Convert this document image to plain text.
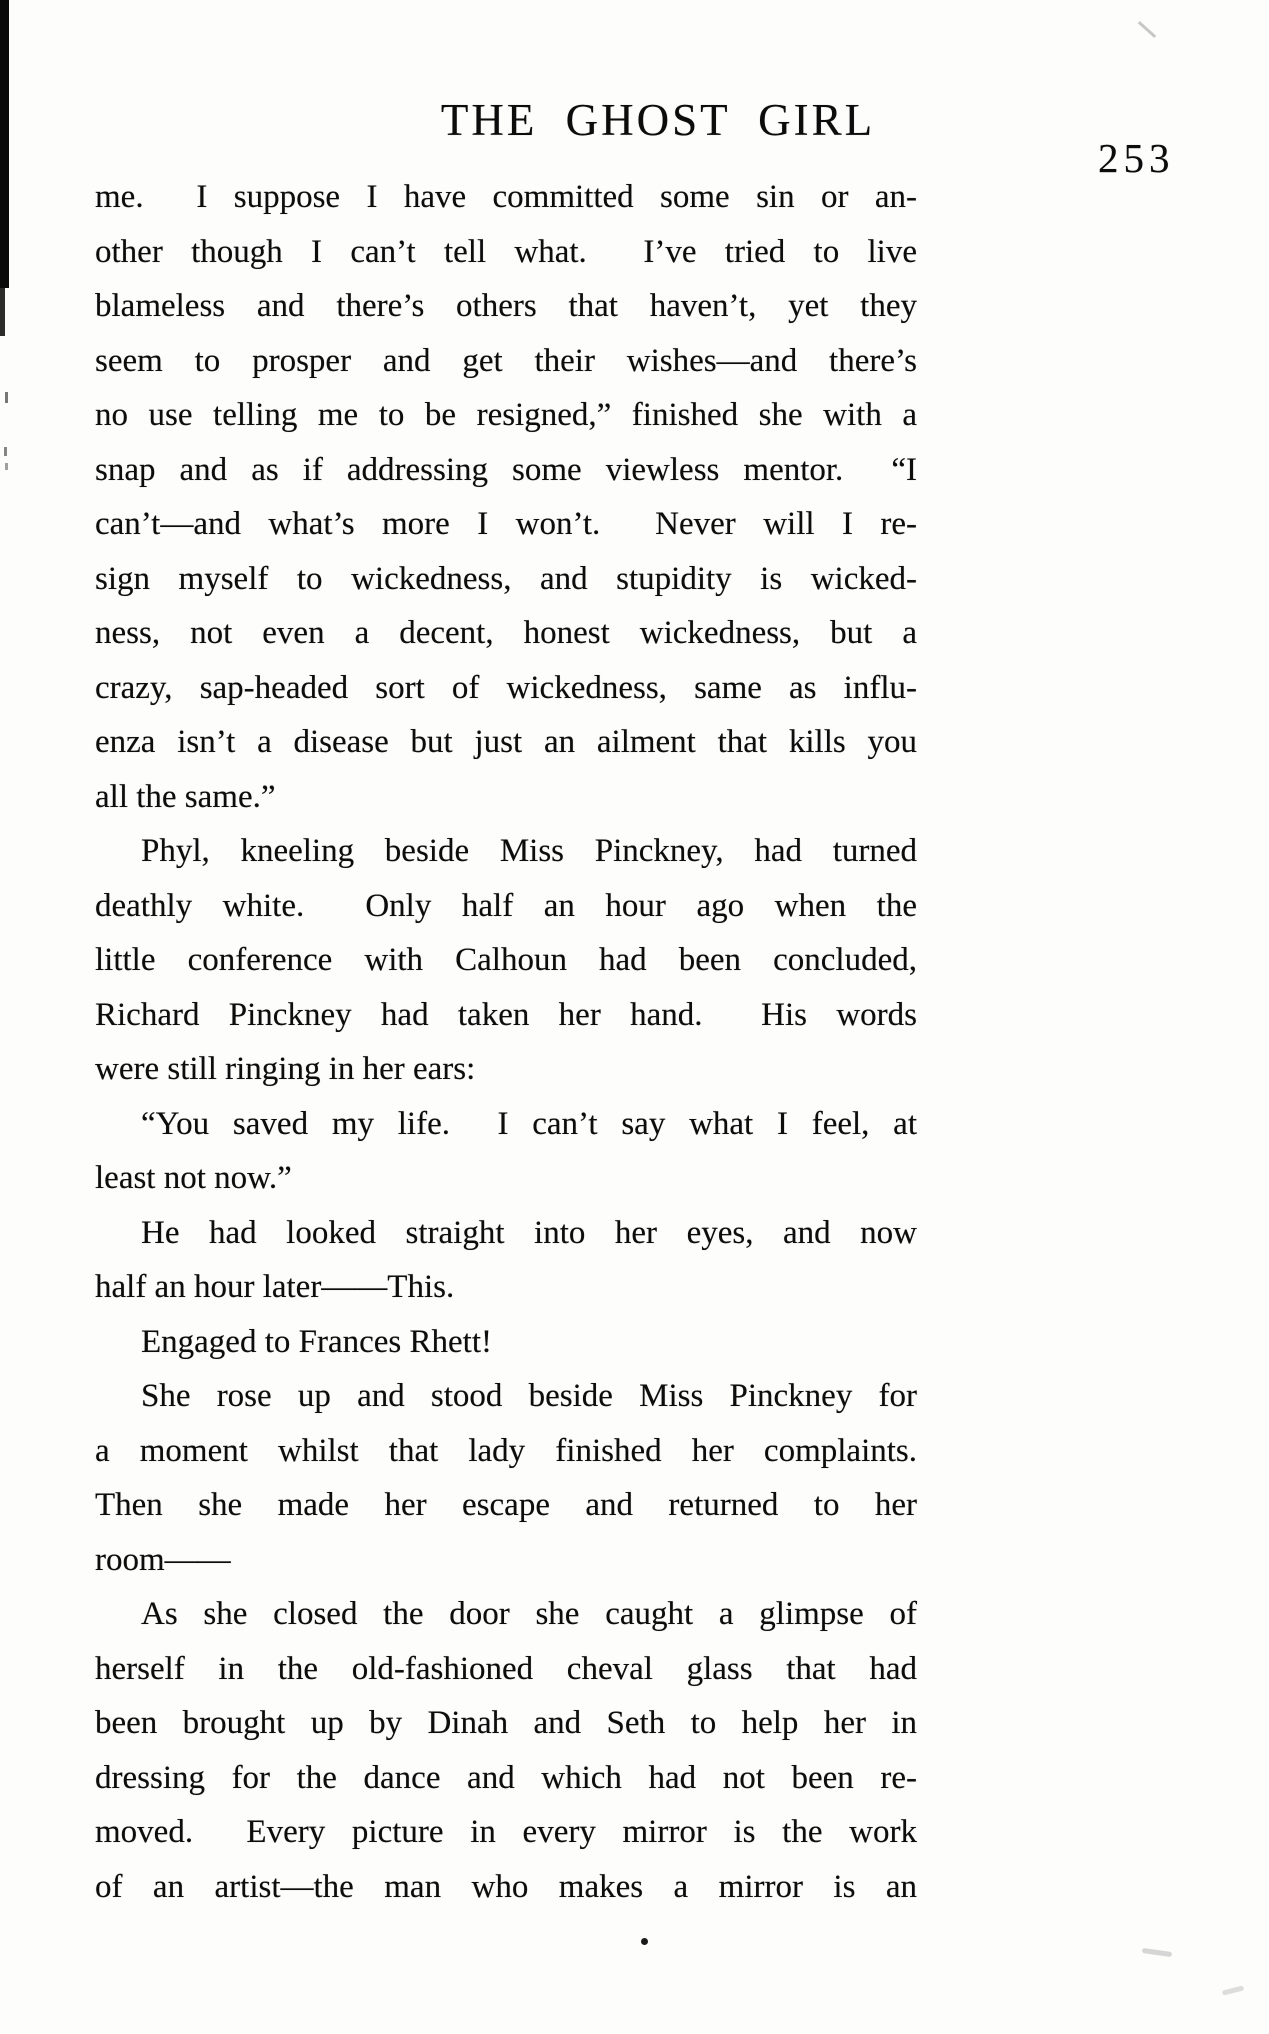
THE GHOST GIRL
253
me.  I suppose I have committed some sin or an-
other though I can’t tell what.  I’ve tried to live
blameless and there’s others that haven’t, yet they
seem to prosper and get their wishes—and there’s
no use telling me to be resigned,” finished she with a
snap and as if addressing some viewless mentor.  “I
can’t—and what’s more I won’t.  Never will I re-
sign myself to wickedness, and stupidity is wicked-
ness, not even a decent, honest wickedness, but a
crazy, sap-headed sort of wickedness, same as influ-
enza isn’t a disease but just an ailment that kills you
all the same.”
Phyl, kneeling beside Miss Pinckney, had turned
deathly white.  Only half an hour ago when the
little conference with Calhoun had been concluded,
Richard Pinckney had taken her hand.  His words
were still ringing in her ears:
“You saved my life.  I can’t say what I feel, at
least not now.”
He had looked straight into her eyes, and now
half an hour later——This.
Engaged to Frances Rhett!
She rose up and stood beside Miss Pinckney for
a moment whilst that lady finished her complaints.
Then she made her escape and returned to her
room——
As she closed the door she caught a glimpse of
herself in the old-fashioned cheval glass that had
been brought up by Dinah and Seth to help her in
dressing for the dance and which had not been re-
moved.  Every picture in every mirror is the work
of an artist—the man who makes a mirror is an
